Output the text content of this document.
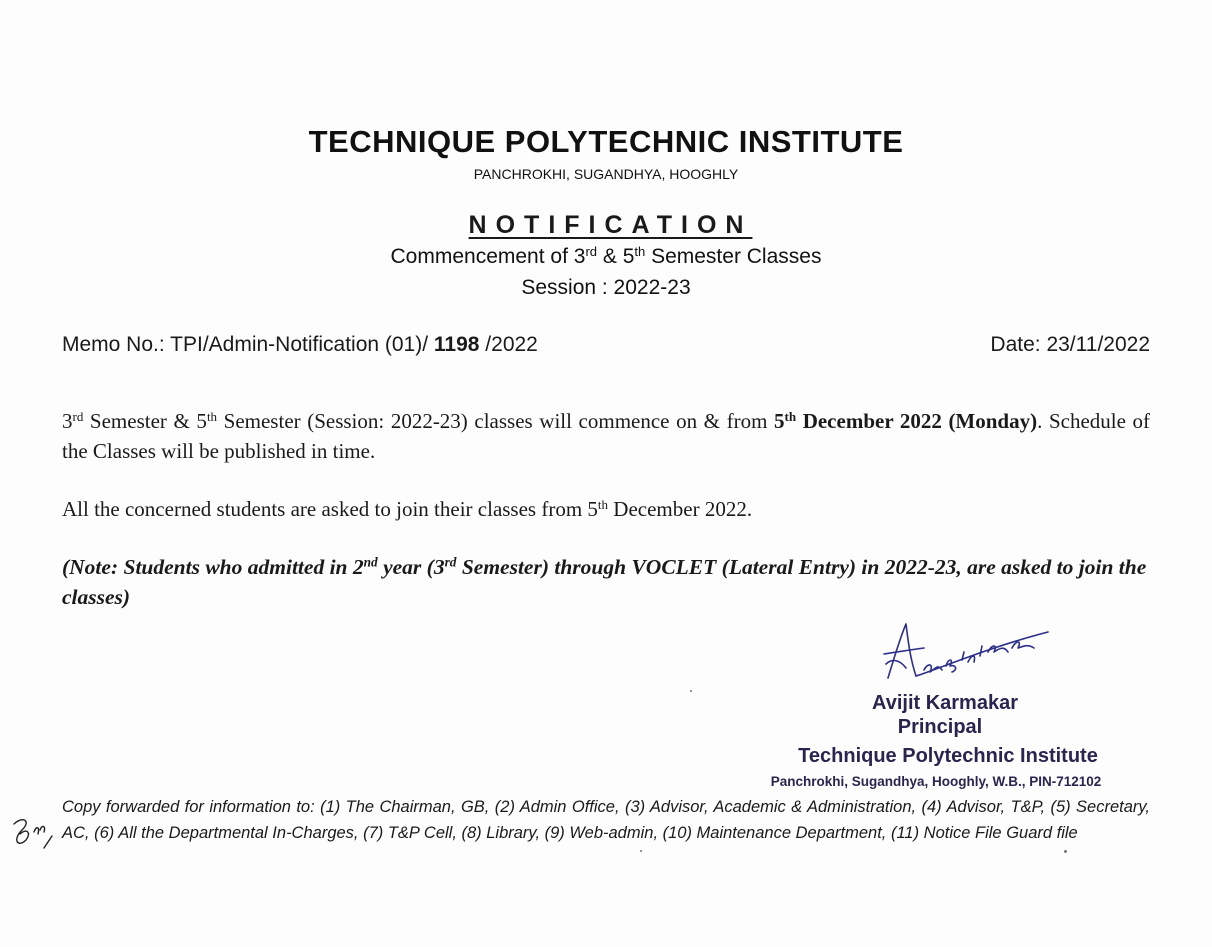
TECHNIQUE POLYTECHNIC INSTITUTE
PANCHROKHI, SUGANDHYA, HOOGHLY
NOTIFICATION
Commencement of 3rd & 5th Semester Classes
Session : 2022-23
Memo No.: TPI/Admin-Notification (01)/ 1198 /2022	Date: 23/11/2022
3rd Semester & 5th Semester (Session: 2022-23) classes will commence on & from 5th December 2022 (Monday). Schedule of the Classes will be published in time.
All the concerned students are asked to join their classes from 5th December 2022.
(Note: Students who admitted in 2nd year (3rd Semester) through VOCLET (Lateral Entry) in 2022-23, are asked to join the classes)
Avijit Karmakar
Principal
Technique Polytechnic Institute
Panchrokhi, Sugandhya, Hooghly, W.B., PIN-712102
Copy forwarded for information to: (1) The Chairman, GB, (2) Admin Office, (3) Advisor, Academic & Administration, (4) Advisor, T&P, (5) Secretary, AC, (6) All the Departmental In-Charges, (7) T&P Cell, (8) Library, (9) Web-admin, (10) Maintenance Department, (11) Notice File Guard file
